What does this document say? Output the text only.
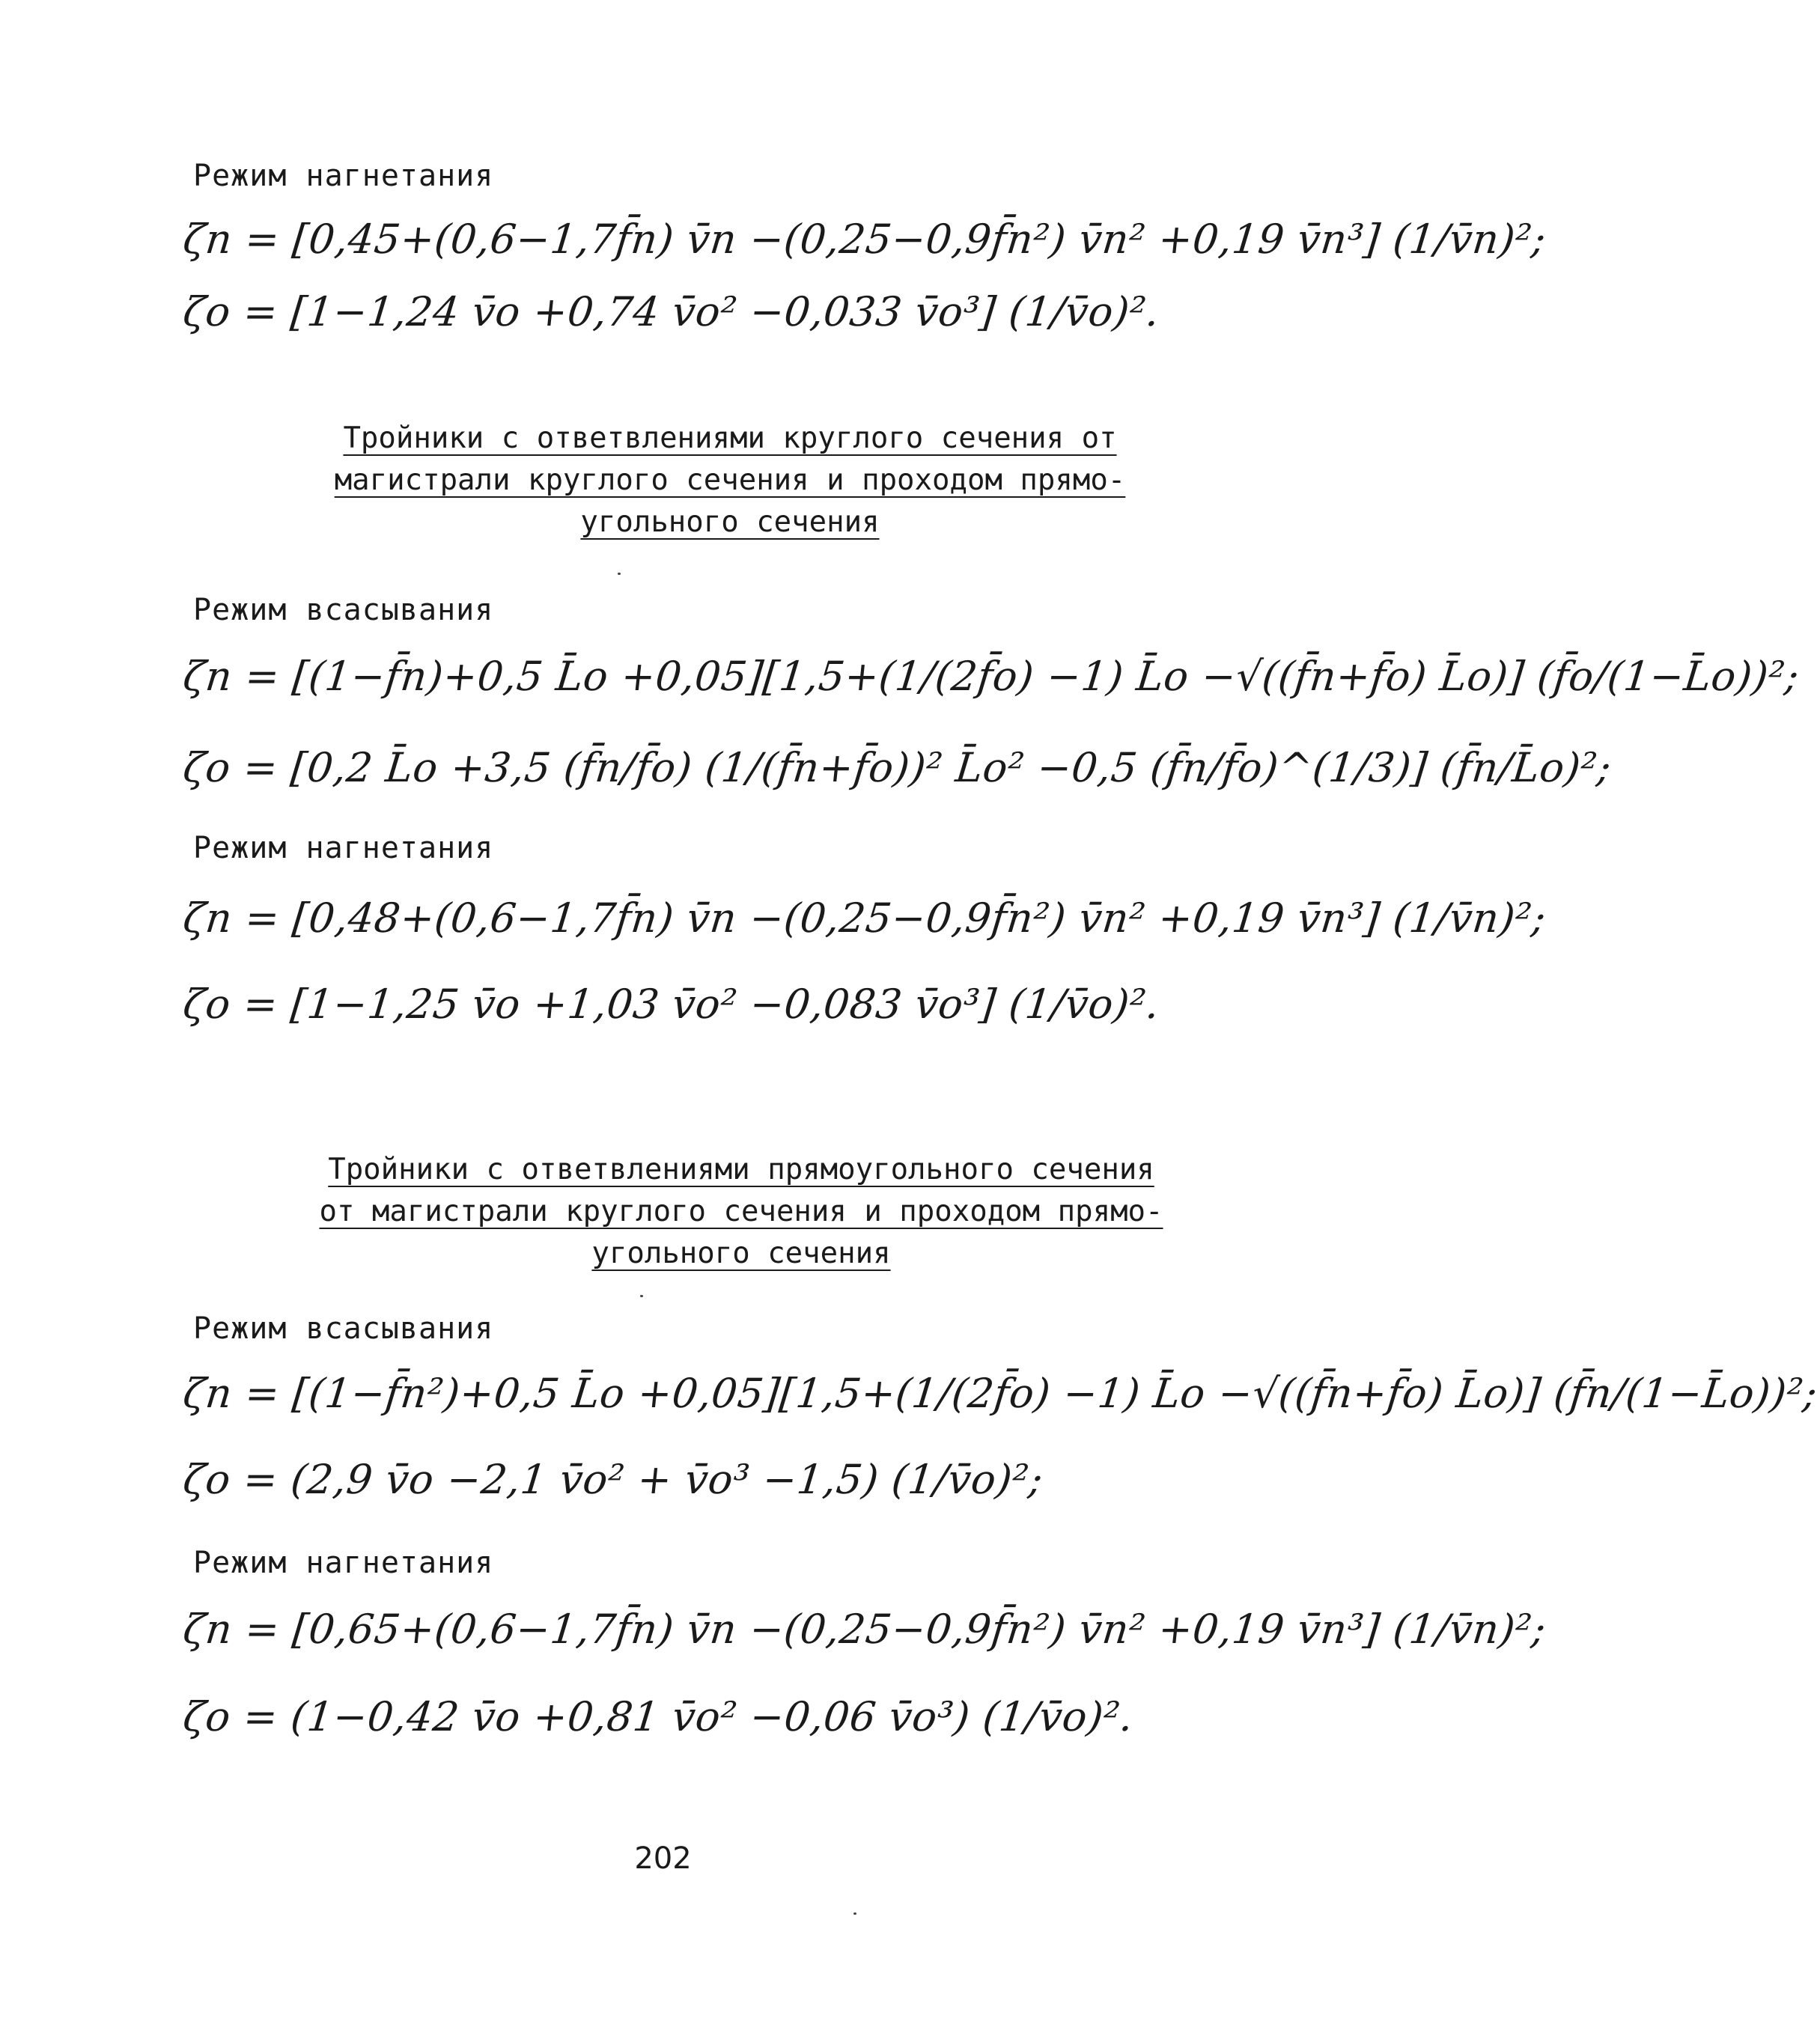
Режим нагнетания
ζп = [0,45+(0,6−1,7f̄п) v̄п −(0,25−0,9f̄п²) v̄п² +0,19 v̄п³] (1/v̄п)²;
ζо = [1−1,24 v̄о +0,74 v̄о² −0,033 v̄о³] (1/v̄о)².
Тройники с ответвлениями круглого сечения от
магистрали круглого сечения и проходом прямо-
угольного сечения
Режим всасывания
ζп = [(1−f̄п)+0,5 L̄о +0,05][1,5+(1/(2f̄о) −1) L̄о −√((f̄п+f̄о) L̄о)] (f̄о/(1−L̄о))²;
ζо = [0,2 L̄о +3,5 (f̄п/f̄о) (1/(f̄п+f̄о))² L̄о² −0,5 (f̄п/f̄о)^(1/3)] (f̄п/L̄о)²;
Режим нагнетания
ζп = [0,48+(0,6−1,7f̄п) v̄п −(0,25−0,9f̄п²) v̄п² +0,19 v̄п³] (1/v̄п)²;
ζо = [1−1,25 v̄о +1,03 v̄о² −0,083 v̄о³] (1/v̄о)².
Тройники с ответвлениями прямоугольного сечения
от магистрали круглого сечения и проходом прямо-
угольного сечения
Режим всасывания
ζп = [(1−f̄п²)+0,5 L̄о +0,05][1,5+(1/(2f̄о) −1) L̄о −√((f̄п+f̄о) L̄о)] (f̄п/(1−L̄о))²;
ζо = (2,9 v̄о −2,1 v̄о² + v̄о³ −1,5) (1/v̄о)²;
Режим нагнетания
ζп = [0,65+(0,6−1,7f̄п) v̄п −(0,25−0,9f̄п²) v̄п² +0,19 v̄п³] (1/v̄п)²;
ζо = (1−0,42 v̄о +0,81 v̄о² −0,06 v̄о³) (1/v̄о)².
202
